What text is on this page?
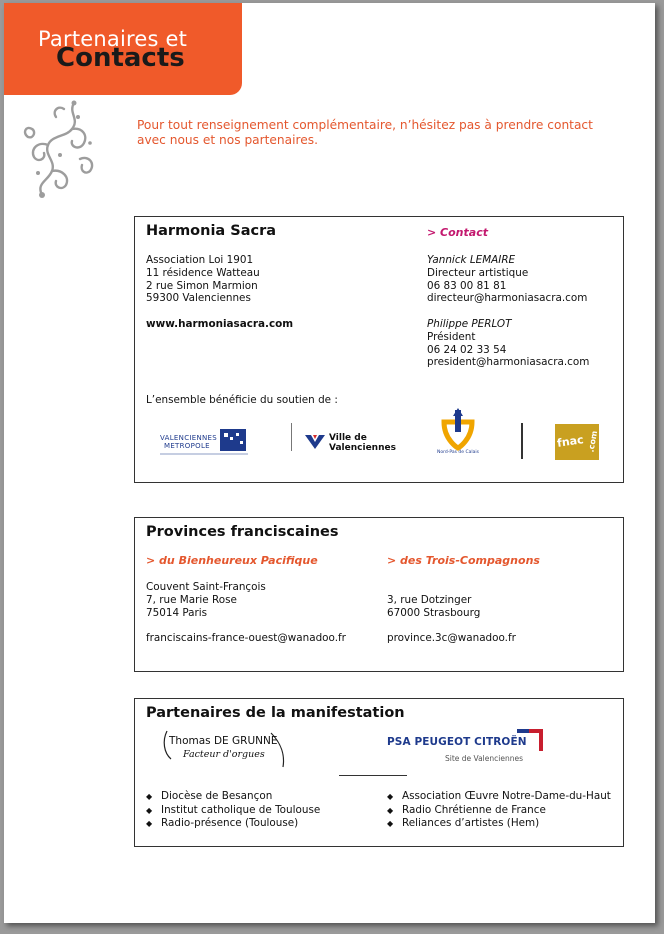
Partenaires et
Contacts
Pour tout renseignement complémentaire, n’hésitez pas à prendre contact avec nous et nos partenaires.
Harmonia Sacra
Association Loi 1901
11 résidence Watteau
2 rue Simon Marmion
59300 Valenciennes
www.harmoniasacra.com
> Contact
Yannick LEMAIRE
Directeur artistique
06 83 00 81 81
directeur@harmoniasacra.com
Philippe PERLOT
Président
06 24 02 33 54
president@harmoniasacra.com
L’ensemble bénéficie du soutien de :
VALENCIENNES
METROPOLE
Ville de
Valenciennes	Nord-Pas de Calais
fnac .com
Provinces franciscaines
> du Bienheureux Pacifique
Couvent Saint-François
7, rue Marie Rose
75014 Paris
franciscains-france-ouest@wanadoo.fr
> des Trois-Compagnons
3, rue Dotzinger
67000 Strasbourg
province.3c@wanadoo.fr
Partenaires de la manifestation
Thomas DE GRUNNE
Facteur d'orgues
PSA PEUGEOT CITROËN
Site de Valenciennes
◆ Diocèse de Besançon
◆ Institut catholique de Toulouse
◆ Radio-présence (Toulouse)
◆ Association Œuvre Notre-Dame-du-Haut
◆ Radio Chrétienne de France
◆ Reliances d’artistes (Hem)
